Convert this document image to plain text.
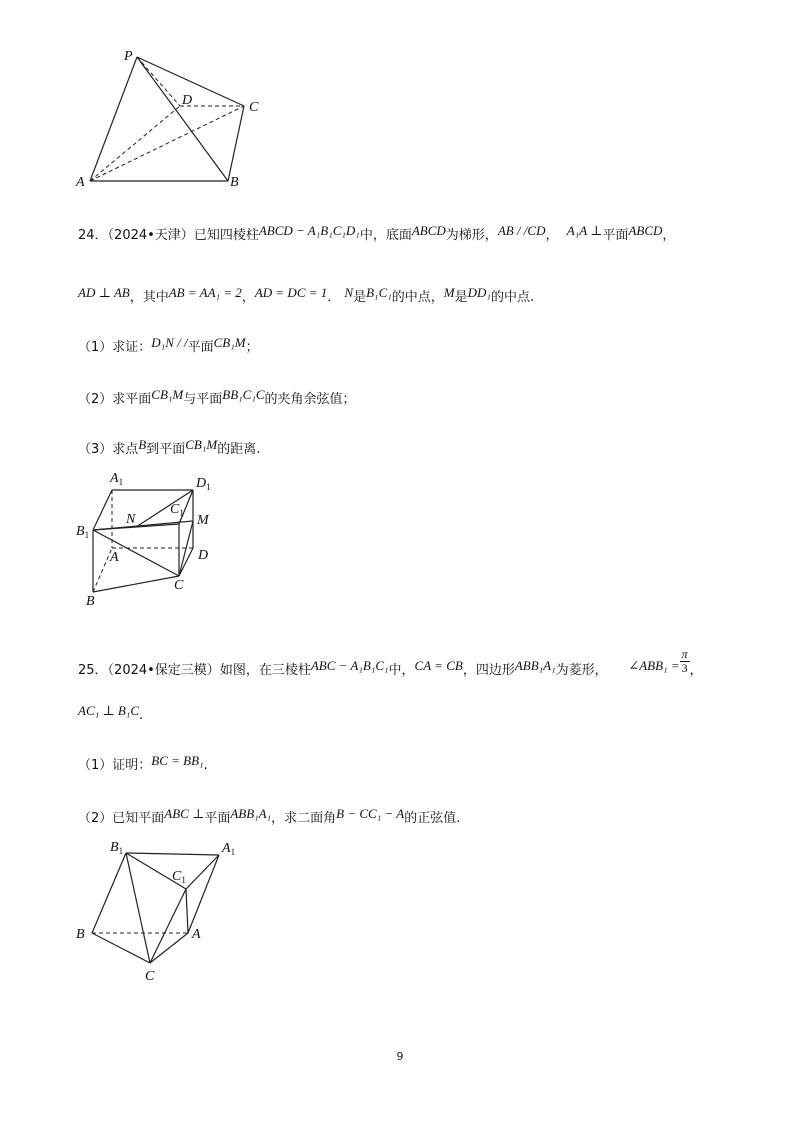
P
D	C
A	B
24．（2024•天津）已知四棱柱ABCD − A₁B₁C₁D₁中，底面ABCD为梯形，AB / /CD， A₁A ⊥平面ABCD，
AD ⊥ AB，其中AB = AA₁ = 2，AD = DC = 1． N是B₁C₁的中点，M是DD₁的中点.
（1）求证：D₁N / /平面CB₁M；
（2）求平面CB₁M与平面BB₁C₁C的夹角余弦值；
（3）求点B到平面CB₁M的距离.
$A_1$	$D_1$
$C_1$
$B_1$
N	M
A	D
C
B
25．（2024•保定三模）如图，在三棱柱ABC − A₁B₁C₁中，CA = CB，四边形ABB₁A₁为菱形， ∠ABB₁ = $\frac{\pi}{3}$ ，
AC₁ ⊥ B₁C.
（1）证明：BC = BB₁.
（2）已知平面ABC ⊥平面ABB₁A₁，求二面角B − CC₁ − A的正弦值.
$B_1$	$A_1$
$C_1$
B	A
C
9
